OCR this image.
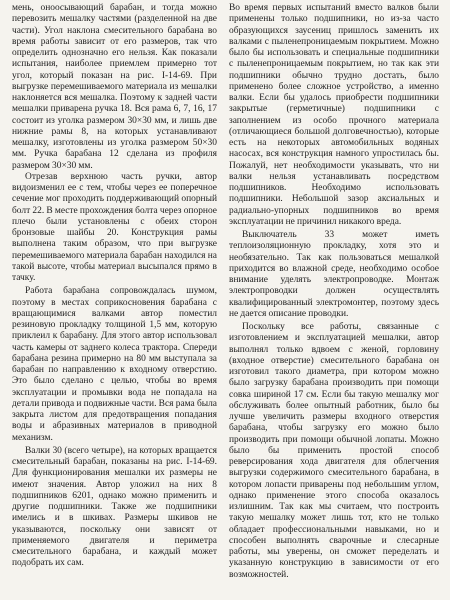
мень, оноосывающий барабан, и тогда можно перевозить мешалку частями (разделенной на две части). Угол наклона смесительного барабана во время работы зависит от его размеров, так что определить однозначно его нельзя. Как показали испытания, наиболее приемлем примерно тот угол, который показан на рис. I-14-69. При выгрузке перемешиваемого материала из мешалки наклоняется вся мешалка. Поэтому к задней части мешалки приварена ручка 18. Вся рама 6, 7, 16, 17 состоит из уголка размером 30×30 мм, и лишь две нижние рамы 8, на которых устанавливают мешалку, изготовлены из уголка размером 50×30 мм. Ручка барабана 12 сделана из профиля размером 30×30 мм.

Отрезав верхнюю часть ручки, автор видоизменил ее с тем, чтобы через ее поперечное сечение мог проходить поддерживающий опорный болт 22. В месте прохождения болта через опорное плечо были установлены с обеих сторон бронзовые шайбы 20. Конструкция рамы выполнена таким образом, что при выгрузке перемешиваемого материала барабан находился на такой высоте, чтобы материал высыпался прямо в тачку.

Работа барабана сопровождалась шумом, поэтому в местах соприкосновения барабана с вращающимися валками автор поместил резиновую прокладку толщиной 1,5 мм, которую приклеил к барабану. Для этого автор использовал часть камеры от заднего колеса трактора. Спереди барабана резина примерно на 80 мм выступала за барабан по направлению к входному отверстию. Это было сделано с целью, чтобы во время эксплуатации и промывки вода не попадала на детали привода и подвижные части. Вся рама была закрыта листом для предотвращения попадания воды и абразивных материалов в приводной механизм.

Валки 30 (всего четыре), на которых вращается смесительный барабан, показаны на рис. I-14-69. Для функционирования мешалки их размеры не имеют значения. Автор уложил на них 8 подшипников 6201, однако можно применить и другие подшипники. Также же подшипники имелись и в шкивах. Размеры шкивов не указываются, поскольку они зависят от применяемого двигателя и периметра смесительного барабана, и каждый может подобрать их сам.

Во время первых испытаний вместо валков были применены только подшипники, но из-за часто образующихся заусениц пришлось заменить их валками с пыленепроницаемым покрытием. Можно было бы использовать и специальные подшипники с пыленепроницаемым покрытием, но так как эти подшипники обычно трудно достать, было применено более сложное устройство, а именно валки. Если бы удалось приобрести подшипники закрытые (герметичные) подшипники с заполнением из особо прочного материала (отличающиеся большой долговечностью), которые есть на некоторых автомобильных водяных насосах, вся конструкция намного упростилась бы. Пожалуй, нет необходимости указывать, что ни валки нельзя устанавливать посредством подшипников. Необходимо использовать подшипники. Небольшой зазор аксиальных и радиально-упорных подшипников во время эксплуатации не причинил никакого вреда.

Выключатель 33 может иметь теплоизоляционную прокладку, хотя это и необязательно. Так как пользоваться мешалкой приходится во влажной среде, необходимо особое внимание уделять электропроводке. Монтаж электропроводки должен осуществлять квалифицированный электромонтер, поэтому здесь не дается описание проводки.

Поскольку все работы, связанные с изготовлением и эксплуатацией мешалки, автор выполнял только вдвоем с женой, горловину (входное отверстие) смесительного барабана он изготовил такого диаметра, при котором можно было загрузку барабана производить при помощи совка шириной 17 см. Если бы такую мешалку мог обслуживать более опытный работник, было бы лучше увеличить размеры входного отверстия барабана, чтобы загрузку его можно было производить при помощи обычной лопаты. Можно было бы применить простой способ реверсирования хода двигателя для облегчения выгрузки содержимого смесительного барабана, в котором лопасти приварены под небольшим углом, однако применение этого способа оказалось излишним. Так как мы считаем, что построить такую мешалку может лишь тот, кто не только обладает профессиональными навыками, но и способен выполнять сварочные и слесарные работы, мы уверены, он сможет переделать и указанную конструкцию в зависимости от его возможностей.
